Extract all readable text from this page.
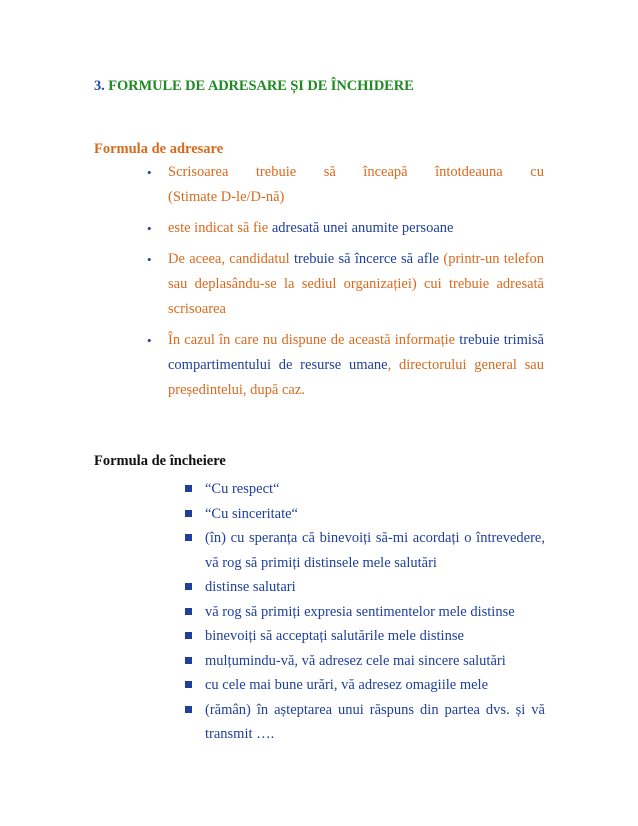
3. FORMULE DE ADRESARE ȘI DE ÎNCHIDERE
Formula de adresare
• Scrisoarea trebuie să înceapă întotdeauna cu
(Stimate D-le/D-nă)
• este indicat să fie adresată unei anumite persoane
• De aceea, candidatul trebuie să încerce să afle (printr-un telefon sau deplasându-se la sediul organizației) cui trebuie adresată scrisoarea
• În cazul în care nu dispune de această informație trebuie trimisă compartimentului de resurse umane, directorului general sau președintelui, după caz.
Formula de încheiere
“Cu respect“
“Cu sinceritate“
(în) cu speranța că binevoiți să-mi acordați o întrevedere, vă rog să primiți distinsele mele salutări
distinse salutari
vă rog să primiți expresia sentimentelor mele distinse
binevoiți să acceptați salutările mele distinse
mulțumindu-vă, vă adresez cele mai sincere salutări
cu cele mai bune urări, vă adresez omagiile mele
(rămân) în așteptarea unui răspuns din partea dvs. și vă transmit ….
